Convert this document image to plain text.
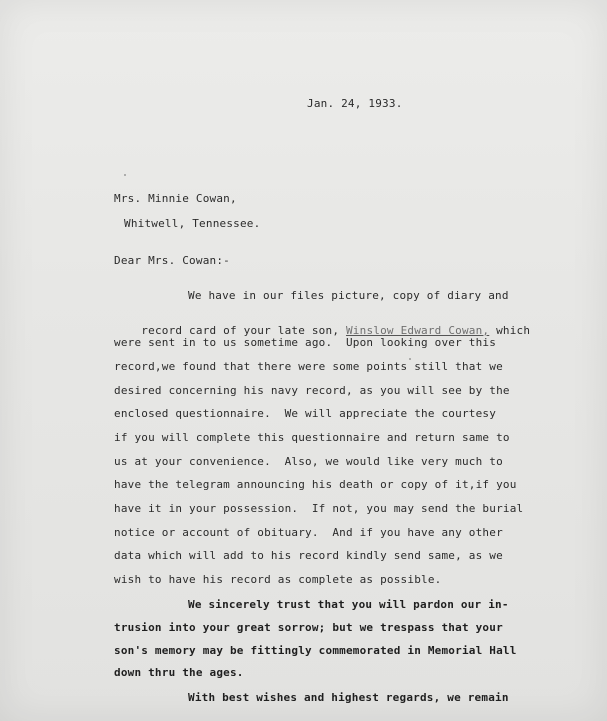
Jan. 24, 1933.
Mrs. Minnie Cowan,
Whitwell, Tennessee.
Dear Mrs. Cowan:-
We have in our files picture, copy of diary and

record card of your late son, Winslow Edward Cowan, which

were sent in to us sometime ago.  Upon looking over this
record,we found that there were some points still that we
desired concerning his navy record, as you will see by the
enclosed questionnaire.  We will appreciate the courtesy
if you will complete this questionnaire and return same to
us at your convenience.  Also, we would like very much to
have the telegram announcing his death or copy of it,if you
have it in your possession.  If not, you may send the burial
notice or account of obituary.  And if you have any other
data which will add to his record kindly send same, as we
wish to have his record as complete as possible.
We sincerely trust that you will pardon our in-
trusion into your great sorrow; but we trespass that your
son's memory may be fittingly commemorated in Memorial Hall
down thru the ages.
With best wishes and highest regards, we remain
